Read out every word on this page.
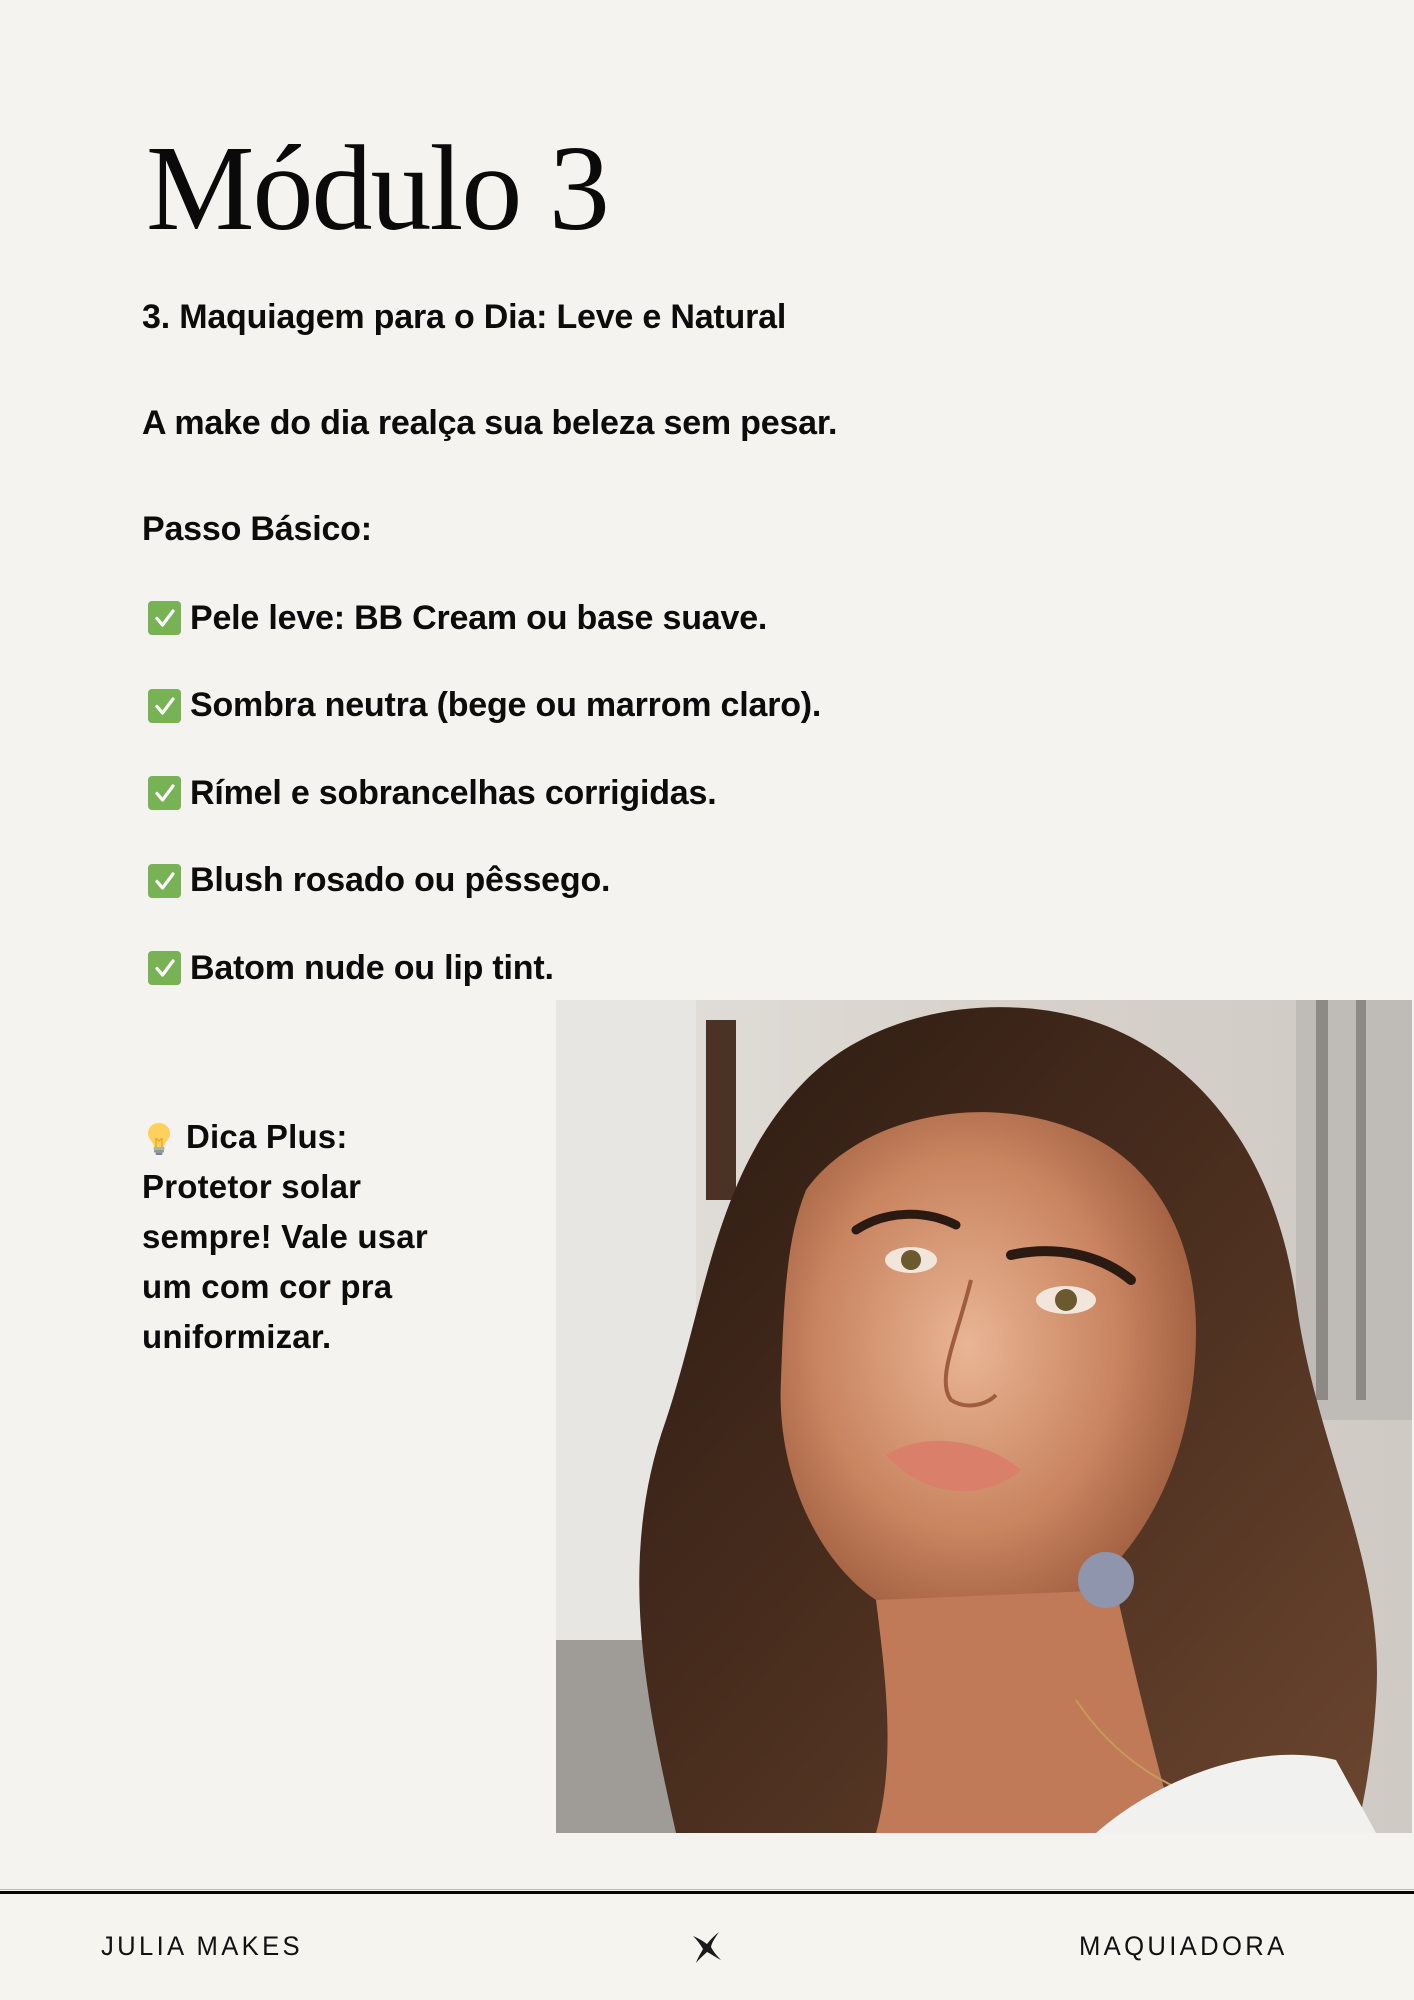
Módulo 3
3. Maquiagem para o Dia: Leve e Natural

A make do dia realça sua beleza sem pesar.

Passo Básico:
Pele leve: BB Cream ou base suave.
Sombra neutra (bege ou marrom claro).
Rímel e sobrancelhas corrigidas.
Blush rosado ou pêssego.
Batom nude ou lip tint.
Dica Plus:

Protetor solar sempre! Vale usar um com cor pra uniformizar.

JULIA MAKES	MAQUIADORA
